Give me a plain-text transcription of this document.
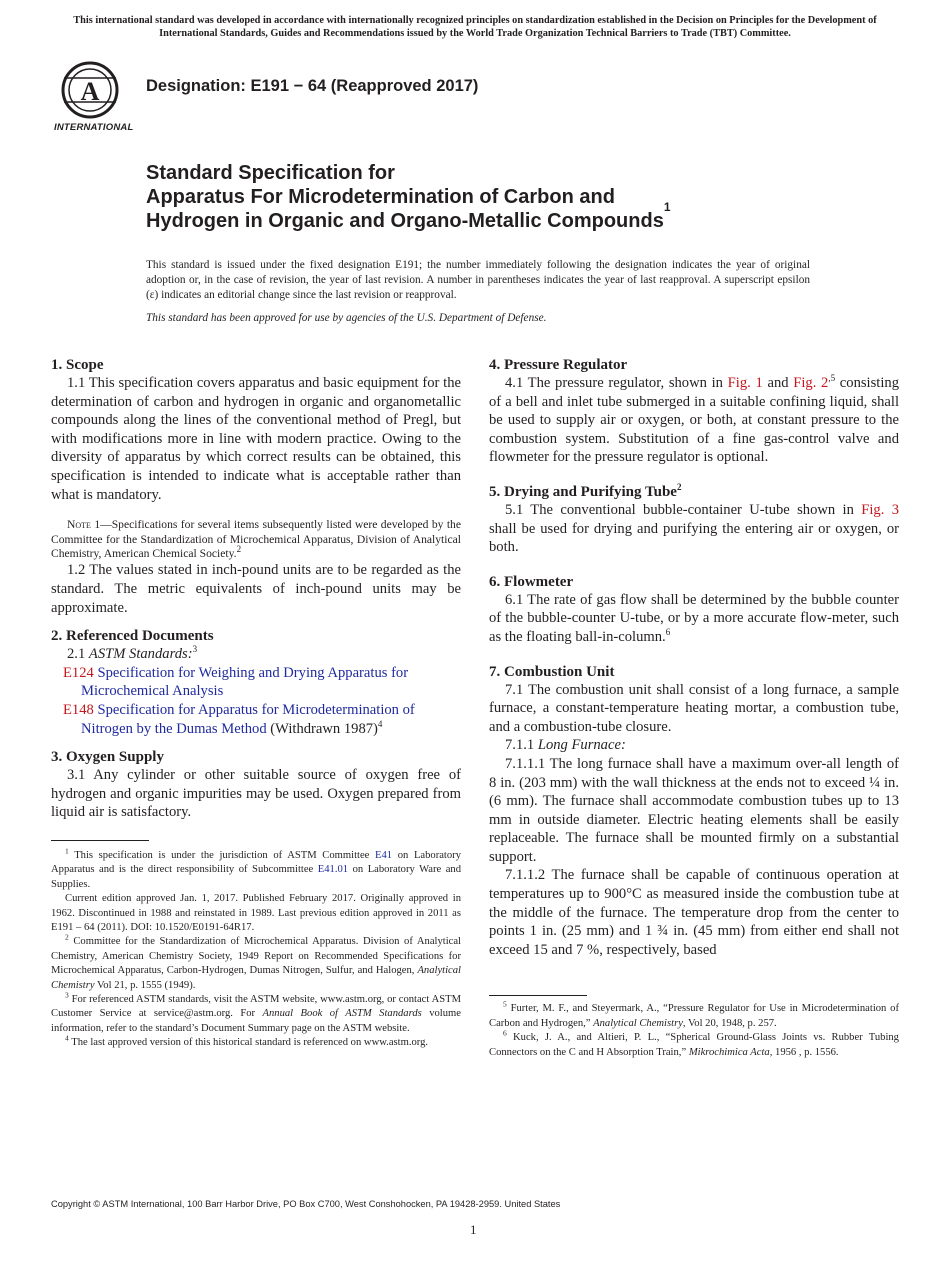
This international standard was developed in accordance with internationally recognized principles on standardization established in the Decision on Principles for the Development of International Standards, Guides and Recommendations issued by the World Trade Organization Technical Barriers to Trade (TBT) Committee.
A
INTERNATIONAL
Designation: E191 − 64 (Reapproved 2017)
Standard Specification for
Apparatus For Microdetermination of Carbon and
Hydrogen in Organic and Organo-Metallic Compounds$^1$
This standard is issued under the fixed designation E191; the number immediately following the designation indicates the year of original adoption or, in the case of revision, the year of last revision. A number in parentheses indicates the year of last reapproval. A superscript epsilon (ε) indicates an editorial change since the last revision or reapproval.
This standard has been approved for use by agencies of the U.S. Department of Defense.
1. Scope

1.1 This specification covers apparatus and basic equipment for the determination of carbon and hydrogen in organic and organometallic compounds along the lines of the conventional method of Pregl, but with modifications more in line with modern practice. Owing to the diversity of apparatus by which correct results can be obtained, this specification is intended to indicate what is acceptable rather than what is mandatory.

Note 1—Specifications for several items subsequently listed were developed by the Committee for the Standardization of Microchemical Apparatus, Division of Analytical Chemistry, American Chemical Society.$^2$

1.2 The values stated in inch-pound units are to be regarded as the standard. The metric equivalents of inch-pound units may be approximate.

2. Referenced Documents

2.1 ASTM Standards:$^3$

E124 Specification for Weighing and Drying Apparatus for Microchemical Analysis

E148 Specification for Apparatus for Microdetermination of Nitrogen by the Dumas Method (Withdrawn 1987)$^4$

3. Oxygen Supply

3.1 Any cylinder or other suitable source of oxygen free of hydrogen and organic impurities may be used. Oxygen prepared from liquid air is satisfactory.

$^1$ This specification is under the jurisdiction of ASTM Committee E41 on Laboratory Apparatus and is the direct responsibility of Subcommittee E41.01 on Laboratory Ware and Supplies.

Current edition approved Jan. 1, 2017. Published February 2017. Originally approved in 1962. Discontinued in 1988 and reinstated in 1989. Last previous edition approved in 2011 as E191 – 64 (2011). DOI: 10.1520/E0191-64R17.

$^2$ Committee for the Standardization of Microchemical Apparatus. Division of Analytical Chemistry, American Chemistry Society, 1949 Report on Recommended Specifications for Microchemical Apparatus, Carbon-Hydrogen, Dumas Nitrogen, Sulfur, and Halogen, Analytical Chemistry Vol 21, p. 1555 (1949).

$^3$ For referenced ASTM standards, visit the ASTM website, www.astm.org, or contact ASTM Customer Service at service@astm.org. For Annual Book of ASTM Standards volume information, refer to the standard’s Document Summary page on the ASTM website.

$^4$ The last approved version of this historical standard is referenced on www.astm.org.

4. Pressure Regulator

4.1 The pressure regulator, shown in Fig. 1 and Fig. $2^{,5}$ consisting of a bell and inlet tube submerged in a suitable confining liquid, shall be used to supply air or oxygen, or both, at constant pressure to the combustion system. Substitution of a fine gas-control valve and flowmeter for the pressure regulator is optional.

5. Drying and Purifying Tube$^2$

5.1 The conventional bubble-container U-tube shown in Fig. 3 shall be used for drying and purifying the entering air or oxygen, or both.

6. Flowmeter

6.1 The rate of gas flow shall be determined by the bubble counter of the bubble-counter U-tube, or by a more accurate flow-meter, such as the floating ball-in-column.$^6$

7. Combustion Unit

7.1 The combustion unit shall consist of a long furnace, a sample furnace, a constant-temperature heating mortar, a combustion tube, and a combustion-tube closure.

7.1.1 Long Furnace:

7.1.1.1 The long furnace shall have a maximum over-all length of 8 in. (203 mm) with the wall thickness at the ends not to exceed ¼ in. (6 mm). The furnace shall accommodate combustion tubes up to 13 mm in outside diameter. Electric heating elements shall be easily replaceable. The furnace shall be mounted firmly on a substantial support.

7.1.1.2 The furnace shall be capable of continuous operation at temperatures up to 900°C as measured inside the combustion tube at the middle of the furnace. The temperature drop from the center to points 1 in. (25 mm) and 1 ¾ in. (45 mm) from either end shall not exceed 15 and 7 %, respectively, based

$^5$ Furter, M. F., and Steyermark, A., “Pressure Regulator for Use in Microdetermination of Carbon and Hydrogen,” Analytical Chemistry, Vol 20, 1948, p. 257.

$^6$ Kuck, J. A., and Altieri, P. L., “Spherical Ground-Glass Joints vs. Rubber Tubing Connectors on the C and H Absorption Train,” Mikrochimica Acta, 1956 , p. 1556.

Copyright © ASTM International, 100 Barr Harbor Drive, PO Box C700, West Conshohocken, PA 19428-2959. United States
1
